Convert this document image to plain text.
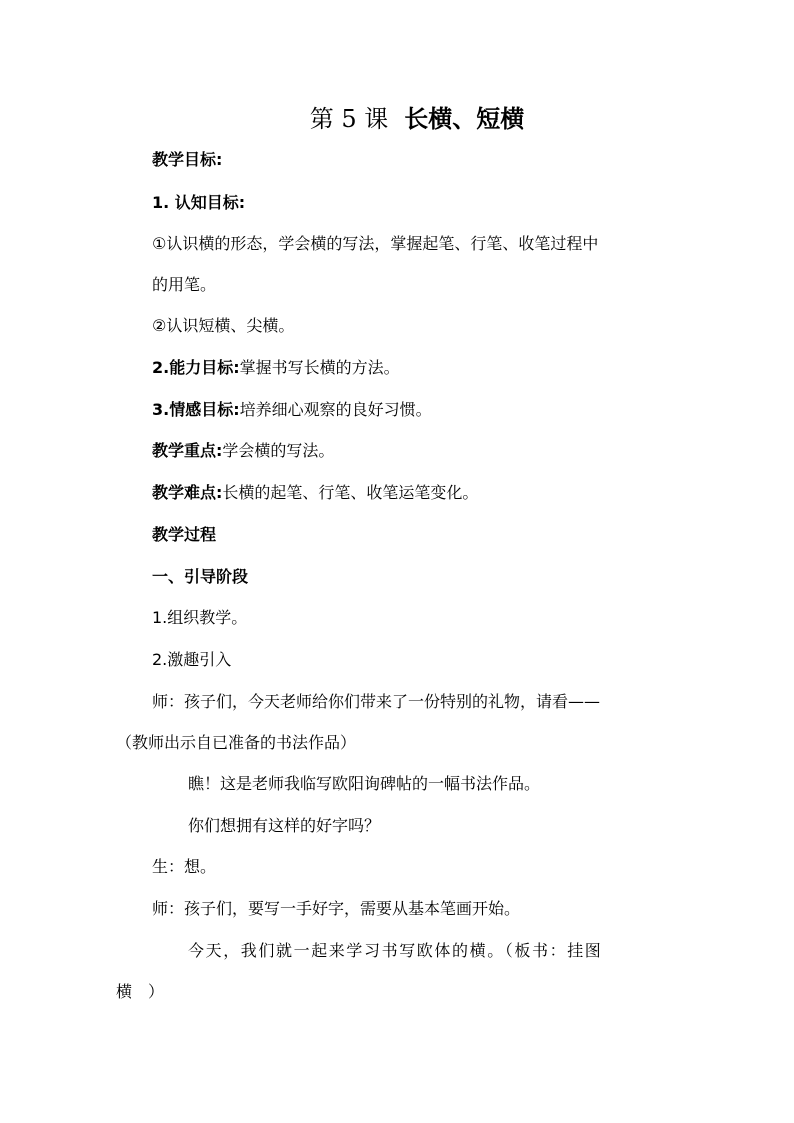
第 5 课 长横、短横
教学目标:
1. 认知目标:
①认识横的形态，学会横的写法，掌握起笔、行笔、收笔过程中
的用笔。
②认识短横、尖横。
2.能力目标:掌握书写长横的方法。
3.情感目标:培养细心观察的良好习惯。
教学重点:学会横的写法。
教学难点:长横的起笔、行笔、收笔运笔变化。
教学过程
一、引导阶段
1.组织教学。
2.激趣引入
师：孩子们，今天老师给你们带来了一份特别的礼物，请看——
（教师出示自已准备的书法作品）
瞧！这是老师我临写欧阳询碑帖的一幅书法作品。
你们想拥有这样的好字吗？
生：想。
师：孩子们，要写一手好字，需要从基本笔画开始。
今天，我们就一起来学习书写欧体的横。（板书：挂图
横　）
